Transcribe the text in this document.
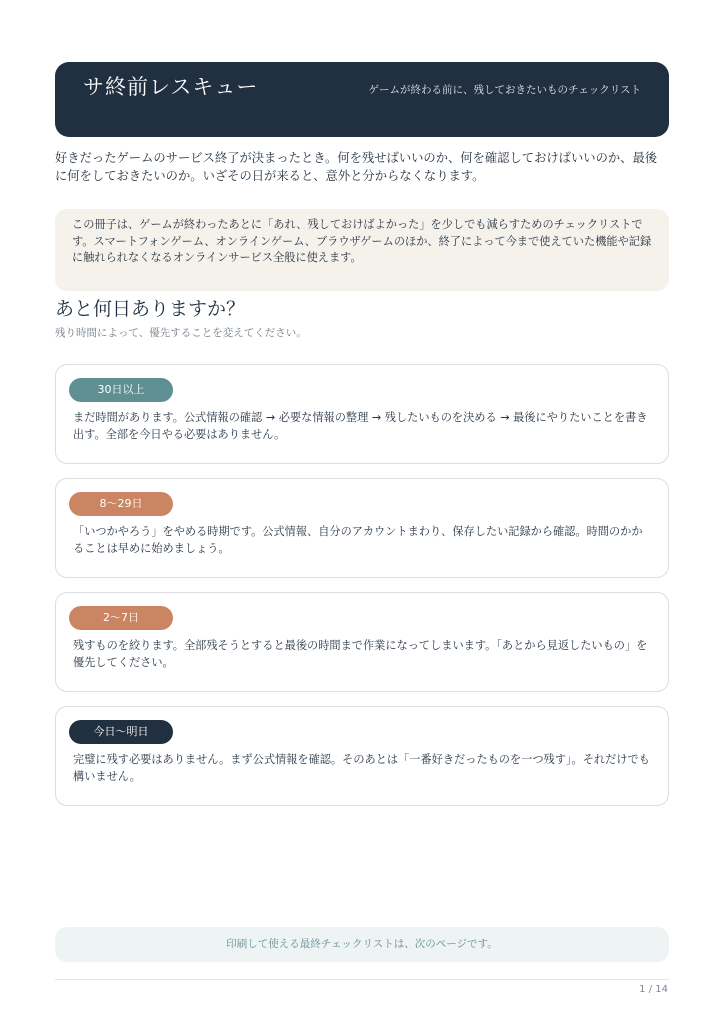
サ終前レスキュー	ゲームが終わる前に、残しておきたいものチェックリスト
好きだったゲームのサービス終了が決まったとき。何を残せばいいのか、何を確認しておけばいいのか、最後に何をしておきたいのか。いざその日が来ると、意外と分からなくなります。
この冊子は、ゲームが終わったあとに「あれ、残しておけばよかった」を少しでも減らすためのチェックリストです。スマートフォンゲーム、オンラインゲーム、ブラウザゲームのほか、終了によって今まで使えていた機能や記録に触れられなくなるオンラインサービス全般に使えます。
あと何日ありますか？
残り時間によって、優先することを変えてください。
30日以上
まだ時間があります。公式情報の確認 → 必要な情報の整理 → 残したいものを決める → 最後にやりたいことを書き出す。全部を今日やる必要はありません。
8〜29日
「いつかやろう」をやめる時期です。公式情報、自分のアカウントまわり、保存したい記録から確認。時間のかかることは早めに始めましょう。
2〜7日
残すものを絞ります。全部残そうとすると最後の時間まで作業になってしまいます。「あとから見返したいもの」を優先してください。
今日〜明日
完璧に残す必要はありません。まず公式情報を確認。そのあとは「一番好きだったものを一つ残す」。それだけでも構いません。
印刷して使える最終チェックリストは、次のページです。
1 / 14
